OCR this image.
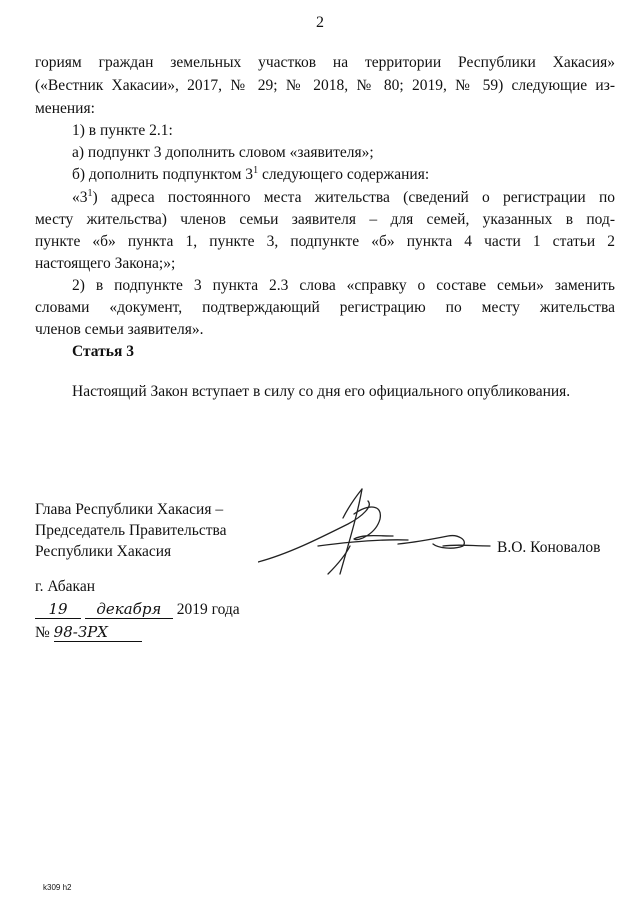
2
гориям граждан земельных участков на территории Республики Хакасия»
(«Вестник Хакасии», 2017, № 29; № 2018, № 80; 2019, № 59) следующие из-
менения:
1) в пункте 2.1:
а) подпункт 3 дополнить словом «заявителя»;
б) дополнить подпунктом $3^1$ следующего содержания:
«$3^1$) адреса постоянного места жительства (сведений о регистрации по
месту жительства) членов семьи заявителя – для семей, указанных в под-
пункте «б» пункта 1, пункте 3, подпункте «б» пункта 4 части 1 статьи 2
настоящего Закона;»;
2) в подпункте 3 пункта 2.3 слова «справку о составе семьи» заменить
словами «документ, подтверждающий регистрацию по месту жительства
членов семьи заявителя».
Статья 3
Настоящий Закон вступает в силу со дня его официального опубликования.
Глава Республики Хакасия –
Председатель Правительства
Республики Хакасия	В.О. Коновалов
г. Абакан
19 декабря 2019 года
№ 98-ЗРХ
k309 h2
